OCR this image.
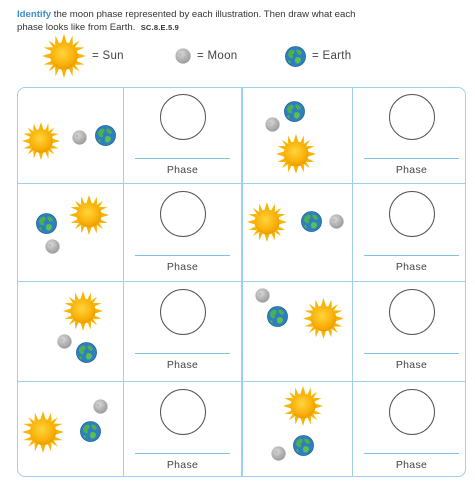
Identify the moon phase represented by each illustration. Then draw what each
phase looks like from Earth. SC.8.E.5.9
= Sun	= Moon	= Earth
Phase	Phase
Phase	Phase
Phase	Phase
Phase	Phase
